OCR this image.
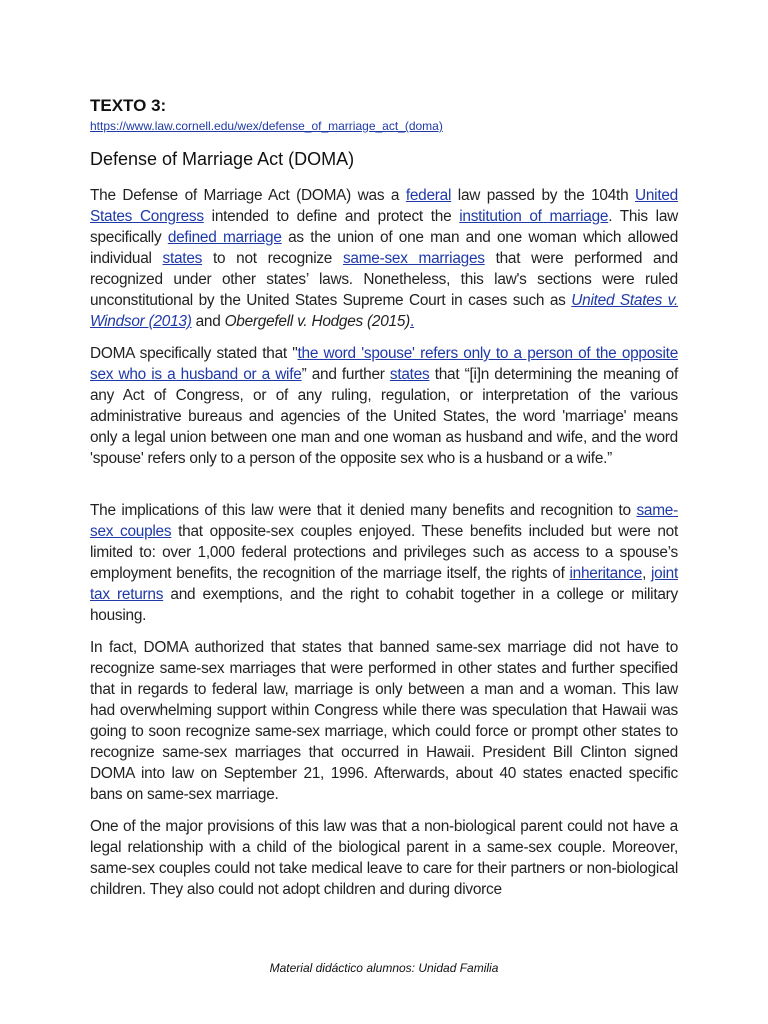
TEXTO 3:
https://www.law.cornell.edu/wex/defense_of_marriage_act_(doma)
Defense of Marriage Act (DOMA)

The Defense of Marriage Act (DOMA) was a federal law passed by the 104th United States Congress intended to define and protect the institution of marriage. This law specifically defined marriage as the union of one man and one woman which allowed individual states to not recognize same-sex marriages that were performed and recognized under other states’ laws. Nonetheless, this law's sections were ruled unconstitutional by the United States Supreme Court in cases such as United States v. Windsor (2013) and Obergefell v. Hodges (2015).

DOMA specifically stated that "the word 'spouse' refers only to a person of the opposite sex who is a husband or a wife” and further states that “[i]n determining the meaning of any Act of Congress, or of any ruling, regulation, or interpretation of the various administrative bureaus and agencies of the United States, the word 'marriage' means only a legal union between one man and one woman as husband and wife, and the word 'spouse' refers only to a person of the opposite sex who is a husband or a wife.”

The implications of this law were that it denied many benefits and recognition to same-sex couples that opposite-sex couples enjoyed. These benefits included but were not limited to: over 1,000 federal protections and privileges such as access to a spouse’s employment benefits, the recognition of the marriage itself, the rights of inheritance, joint tax returns and exemptions, and the right to cohabit together in a college or military housing.

In fact, DOMA authorized that states that banned same-sex marriage did not have to recognize same-sex marriages that were performed in other states and further specified that in regards to federal law, marriage is only between a man and a woman. This law had overwhelming support within Congress while there was speculation that Hawaii was going to soon recognize same-sex marriage, which could force or prompt other states to recognize same-sex marriages that occurred in Hawaii. President Bill Clinton signed DOMA into law on September 21, 1996. Afterwards, about 40 states enacted specific bans on same-sex marriage.

One of the major provisions of this law was that a non-biological parent could not have a legal relationship with a child of the biological parent in a same-sex couple. Moreover, same-sex couples could not take medical leave to care for their partners or non-biological children. They also could not adopt children and during divorce

Material didáctico alumnos: Unidad Familia
